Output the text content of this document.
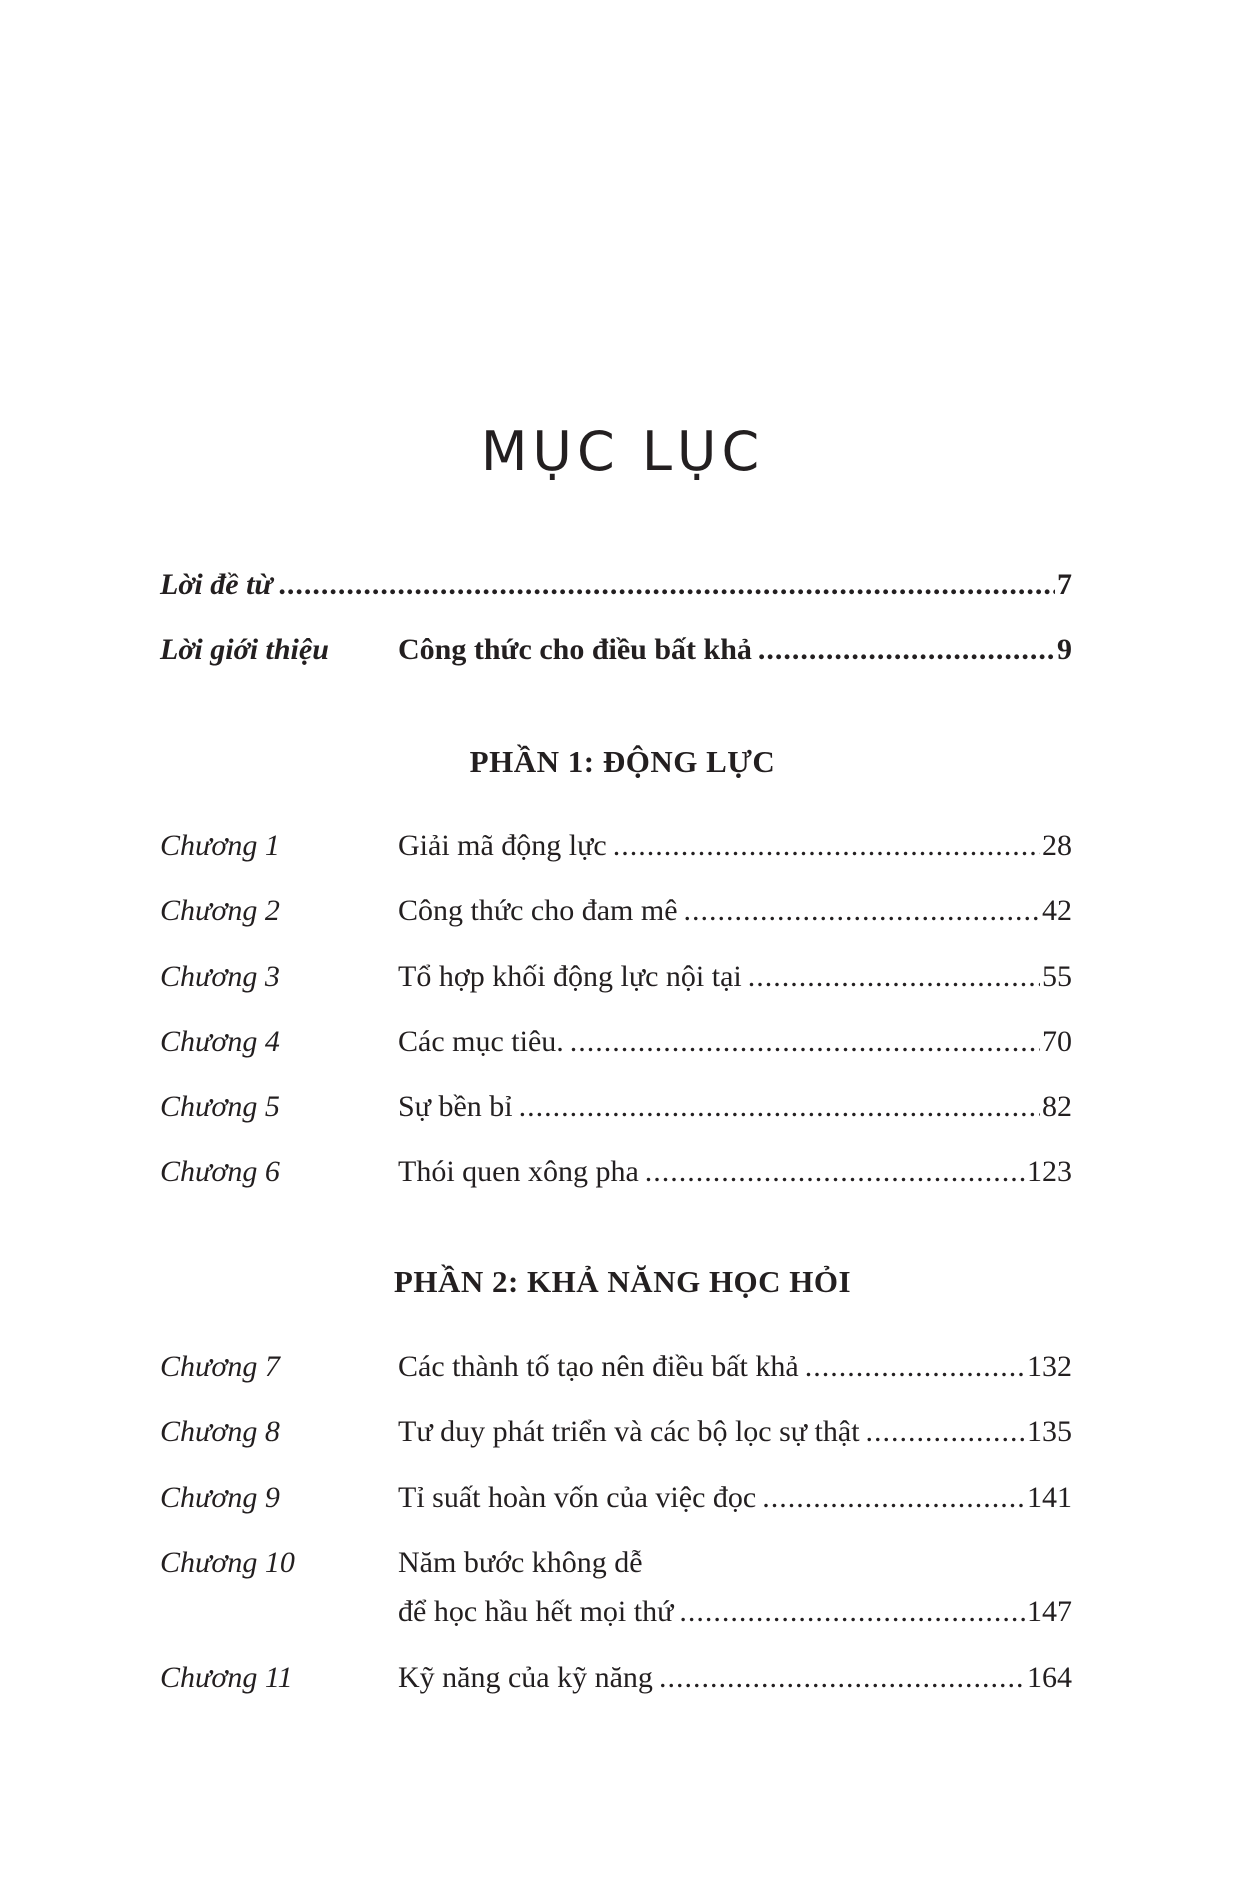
MỤC LỤC
Lời đề từ .....	7
Lời giới thiệu Công thức cho điều bất khả .....	9
PHẦN 1: ĐỘNG LỰC
Chương 1	Giải mã động lực .....	28
Chương 2	Công thức cho đam mê .....	42
Chương 3	Tổ hợp khối động lực nội tại .....	55
Chương 4	Các mục tiêu. .....	70
Chương 5	Sự bền bỉ .....	82
Chương 6	Thói quen xông pha .....	123
PHẦN 2: KHẢ NĂNG HỌC HỎI
Chương 7	Các thành tố tạo nên điều bất khả .....	132
Chương 8	Tư duy phát triển và các bộ lọc sự thật .....	135
Chương 9	Tỉ suất hoàn vốn của việc đọc .....	141
Chương 10	Năm bước không dễ
để học hầu hết mọi thứ .....	147
Chương 11	Kỹ năng của kỹ năng .....	164
